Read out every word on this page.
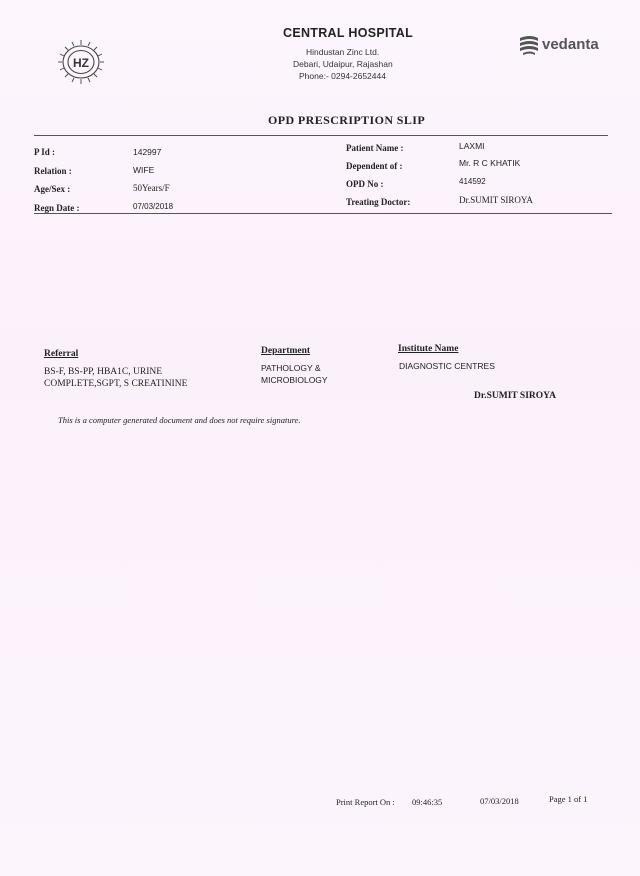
HZ
vedanta
CENTRAL HOSPITAL
Hindustan Zinc Ltd.
Debari, Udaipur, Rajashan
Phone:- 0294-2652444
OPD PRESCRIPTION SLIP
P Id :	142997
Relation :	WIFE
Age/Sex :	50Years/F
Regn Date :	07/03/2018
Patient Name :	LAXMI
Dependent of :	Mr. R C KHATIK
OPD No :	414592
Treating Doctor:	Dr.SUMIT SIROYA
Referral
BS-F, BS-PP, HBA1C, URINE COMPLETE,SGPT, S CREATININE
Department
PATHOLOGY &
MICROBIOLOGY
Institute Name
DIAGNOSTIC CENTRES
Dr.SUMIT SIROYA
This is a computer generated document and does not require signature.
Print Report On : 09:46:35	07/03/2018	Page 1 of 1
